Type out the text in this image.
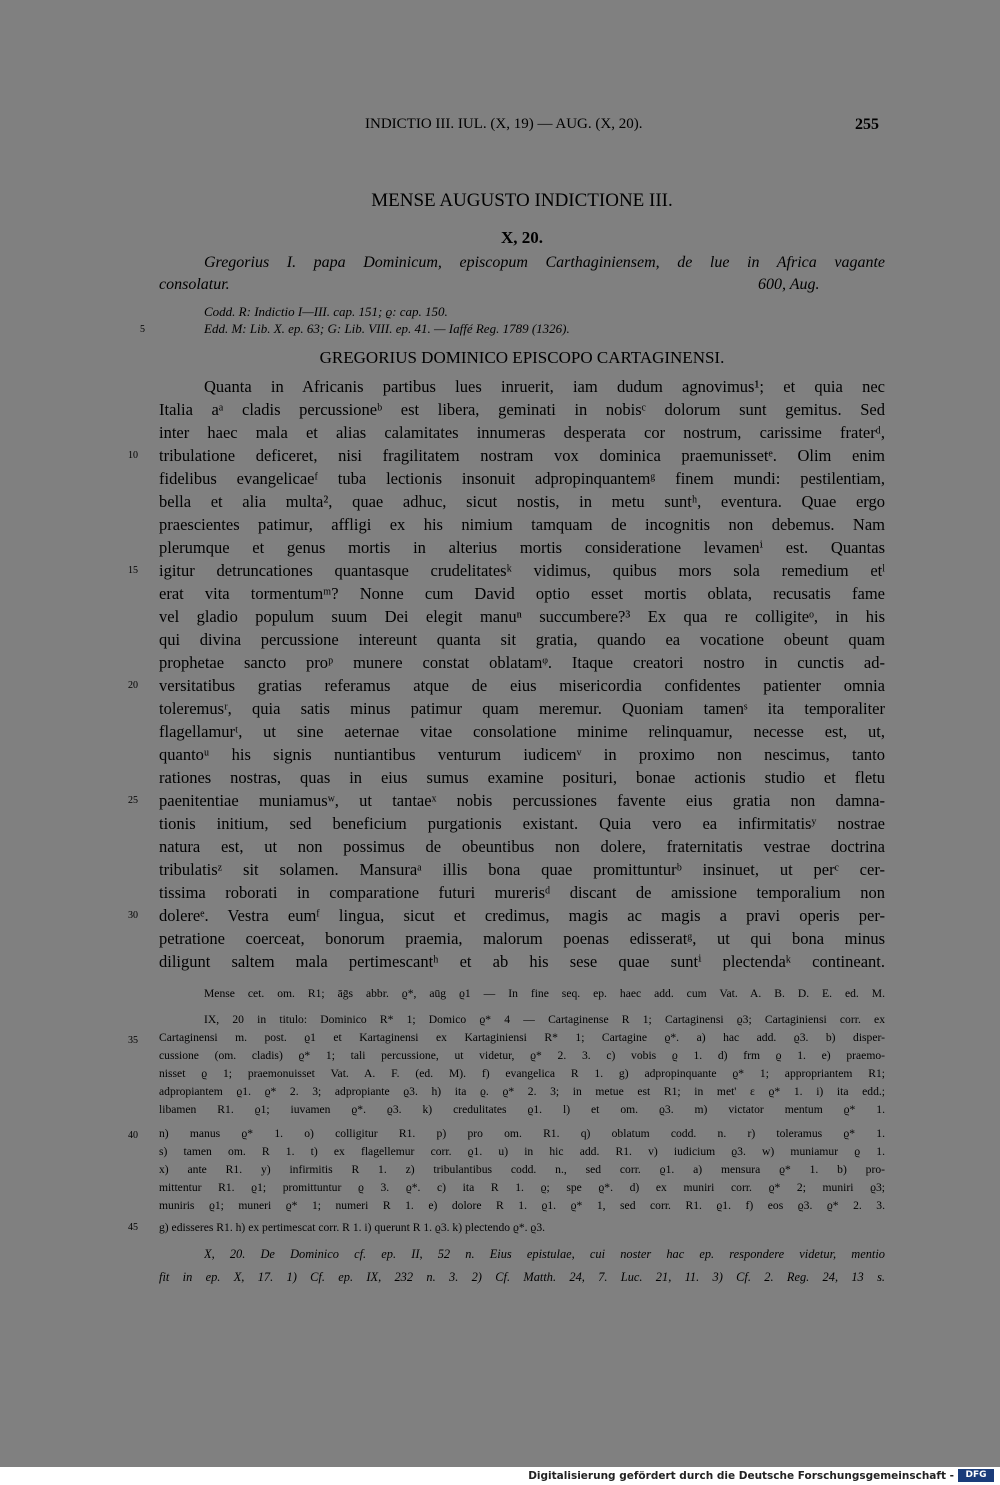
INDICTIO III. IUL. (X, 19) — AUG. (X, 20).	255
MENSE AUGUSTO INDICTIONE III.
X, 20.
Gregorius I. papa Dominicum, episcopum Carthaginiensem, de lue in Africa vagante
consolatur.	600, Aug.
Codd. R: Indictio I—III. cap. 151; ϱ: cap. 150.
Edd. M: Lib. X. ep. 63; G: Lib. VIII. ep. 41. — Iaffé Reg. 1789 (1326).
GREGORIUS DOMINICO EPISCOPO CARTAGINENSI.
Quanta in Africanis partibus lues inruerit, iam dudum agnovimus¹; et quia nec
Italia aᵃ cladis percussioneᵇ est libera, geminati in nobisᶜ dolorum sunt gemitus. Sed
inter haec mala et alias calamitates innumeras desperata cor nostrum, carissime fraterᵈ,
tribulatione deficeret, nisi fragilitatem nostram vox dominica praemunissetᵉ. Olim enim
fidelibus evangelicaeᶠ tuba lectionis insonuit adpropinquantemᵍ finem mundi: pestilentiam,
bella et alia multa², quae adhuc, sicut nostis, in metu suntʰ, eventura. Quae ergo
praescientes patimur, affligi ex his nimium tamquam de incognitis non debemus. Nam
plerumque et genus mortis in alterius mortis consideratione levamenⁱ est. Quantas
igitur detruncationes quantasque crudelitatesᵏ vidimus, quibus mors sola remedium etˡ
erat vita tormentumᵐ? Nonne cum David optio esset mortis oblata, recusatis fame
vel gladio populum suum Dei elegit manuⁿ succumbere?³ Ex qua re colligiteᵒ, in his
qui divina percussione intereunt quanta sit gratia, quando ea vocatione obeunt quam
prophetae sancto proᵖ munere constat oblatamᵠ. Itaque creatori nostro in cunctis ad-
versitatibus gratias referamus atque de eius misericordia confidentes patienter omnia
toleremusʳ, quia satis minus patimur quam meremur. Quoniam tamenˢ ita temporaliter
flagellamurᵗ, ut sine aeternae vitae consolatione minime relinquamur, necesse est, ut,
quantoᵘ his signis nuntiantibus venturum iudicemᵛ in proximo non nescimus, tanto
rationes nostras, quas in eius sumus examine posituri, bonae actionis studio et fletu
paenitentiae muniamusʷ, ut tantaeˣ nobis percussiones favente eius gratia non damna-
tionis initium, sed beneficium purgationis existant. Quia vero ea infirmitatisʸ nostrae
natura est, ut non possimus de obeuntibus non dolere, fraternitatis vestrae doctrina
tribulatisᶻ sit solamen. Mansuraᵃ illis bona quae promittunturᵇ insinuet, ut perᶜ cer-
tissima roborati in comparatione futuri murerisᵈ discant de amissione temporalium non
dolereᵉ. Vestra eumᶠ lingua, sicut et credimus, magis ac magis a pravi operis per-
petratione coerceat, bonorum praemia, malorum poenas edisseratᵍ, ut qui bona minus
diligunt saltem mala pertimescantʰ et ab his sese quae suntⁱ plectendaᵏ contineant.
5
10
15
20
25
30
35
40
45
Mense cet. om. R1; āḡs abbr. ϱ*, aūg ϱ1 — In fine seq. ep. haec add. cum Vat. A. B. D. E. ed. M.
IX, 20 in titulo: Dominico R* 1; Domico ϱ* 4 — Cartaginense R 1; Cartaginensi ϱ3; Cartaginiensi corr. ex
Cartaginensi m. post. ϱ1 et Kartaginensi ex Kartaginiensi R* 1; Cartagine ϱ*. a) hac add. ϱ3. b) disper-
cussione (om. cladis) ϱ* 1; tali percussione, ut videtur, ϱ* 2. 3. c) vobis ϱ 1. d) frm ϱ 1. e) praemo-
nisset ϱ 1; praemonuisset Vat. A. F. (ed. M). f) evangelica R 1. g) adpropinquante ϱ* 1; appropriantem R1;
adpropiantem ϱ1. ϱ* 2. 3; adpropiante ϱ3. h) ita ϱ. ϱ* 2. 3; in metue est R1; in met' ε ϱ* 1. i) ita edd.;
libamen R1. ϱ1; iuvamen ϱ*. ϱ3. k) credulitates ϱ1. l) et om. ϱ3. m) victator mentum ϱ* 1.
n) manus ϱ* 1. o) colligitur R1. p) pro om. R1. q) oblatum codd. n. r) toleramus ϱ* 1.
s) tamen om. R 1. t) ex flagellemur corr. ϱ1. u) in hic add. R1. v) iudicium ϱ3. w) muniamur ϱ 1.
x) ante R1. y) infirmitis R 1. z) tribulantibus codd. n., sed corr. ϱ1. a) mensura ϱ* 1. b) pro-
mittentur R1. ϱ1; promittuntur ϱ 3. ϱ*. c) ita R 1. ϱ; spe ϱ*. d) ex muniri corr. ϱ* 2; muniri ϱ3;
muniris ϱ1; muneri ϱ* 1; numeri R 1. e) dolore R 1. ϱ1. ϱ* 1, sed corr. R1. ϱ1. f) eos ϱ3. ϱ* 2. 3.
g) edisseres R1. h) ex pertimescat corr. R 1. i) querunt R 1. ϱ3. k) plectendo ϱ*. ϱ3.
X, 20. De Dominico cf. ep. II, 52 n. Eius epistulae, cui noster hac ep. respondere videtur, mentio
fit in ep. X, 17. 1) Cf. ep. IX, 232 n. 3. 2) Cf. Matth. 24, 7. Luc. 21, 11. 3) Cf. 2. Reg. 24, 13 s.
Digitalisierung gefördert durch die Deutsche Forschungsgemeinschaft -	DFG
